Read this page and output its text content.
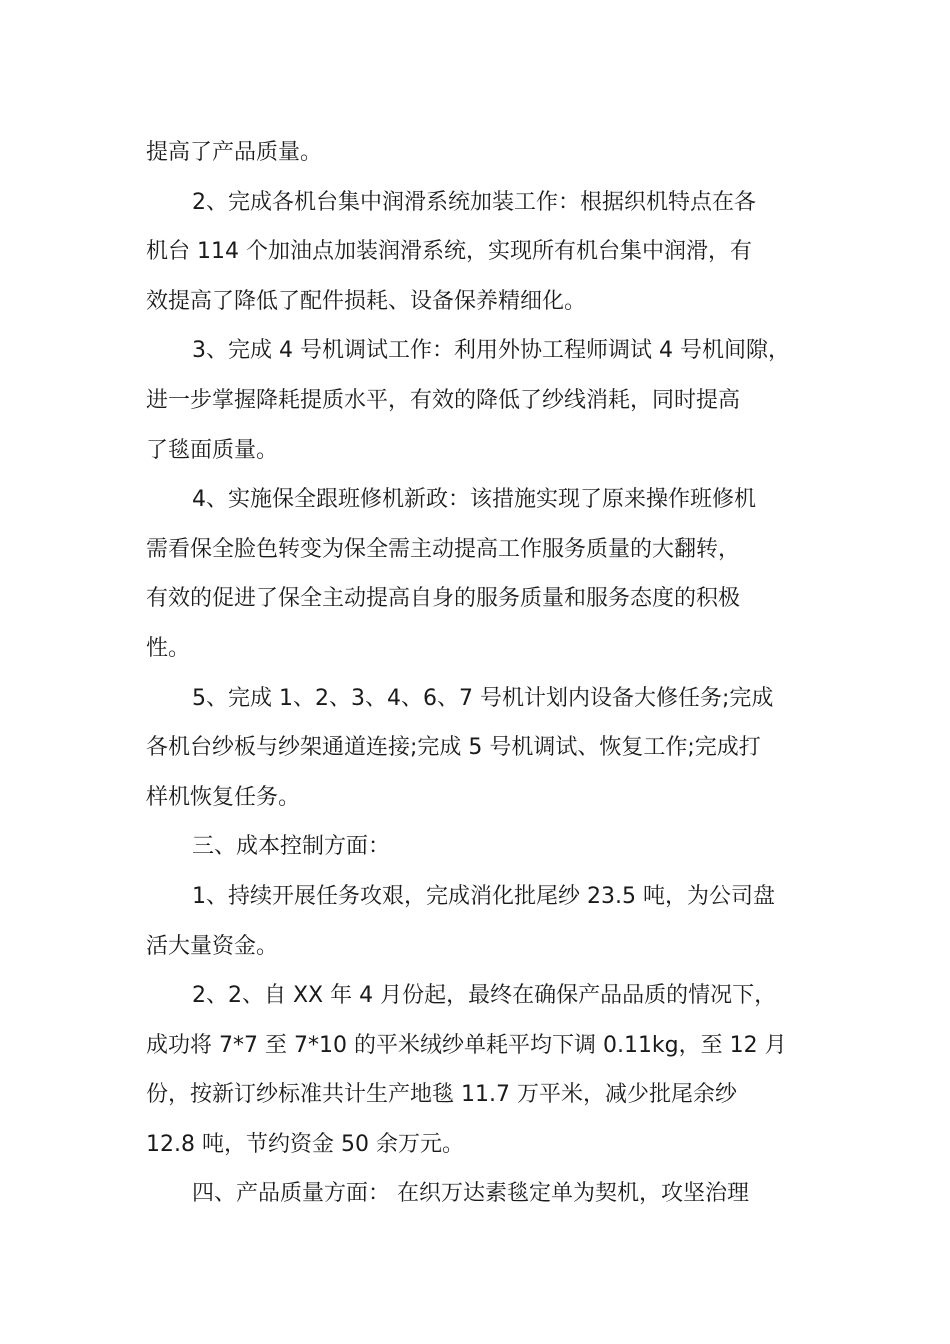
提高了产品质量。
2、完成各机台集中润滑系统加装工作：根据织机特点在各
机台 114 个加油点加装润滑系统，实现所有机台集中润滑，有
效提高了降低了配件损耗、设备保养精细化。
3、完成 4 号机调试工作：利用外协工程师调试 4 号机间隙，
进一步掌握降耗提质水平，有效的降低了纱线消耗，同时提高
了毯面质量。
4、实施保全跟班修机新政：该措施实现了原来操作班修机
需看保全脸色转变为保全需主动提高工作服务质量的大翻转，
有效的促进了保全主动提高自身的服务质量和服务态度的积极
性。
5、完成 1、2、3、4、6、7 号机计划内设备大修任务;完成
各机台纱板与纱架通道连接;完成 5 号机调试、恢复工作;完成打
样机恢复任务。
三、成本控制方面：
1、持续开展任务攻艰，完成消化批尾纱 23.5 吨，为公司盘
活大量资金。
2、2、自 XX 年 4 月份起，最终在确保产品品质的情况下，
成功将 7*7 至 7*10 的平米绒纱单耗平均下调 0.11kg，至 12 月
份，按新订纱标准共计生产地毯 11.7 万平米，减少批尾余纱
12.8 吨，节约资金 50 余万元。
四、产品质量方面： 在织万达素毯定单为契机，攻坚治理
